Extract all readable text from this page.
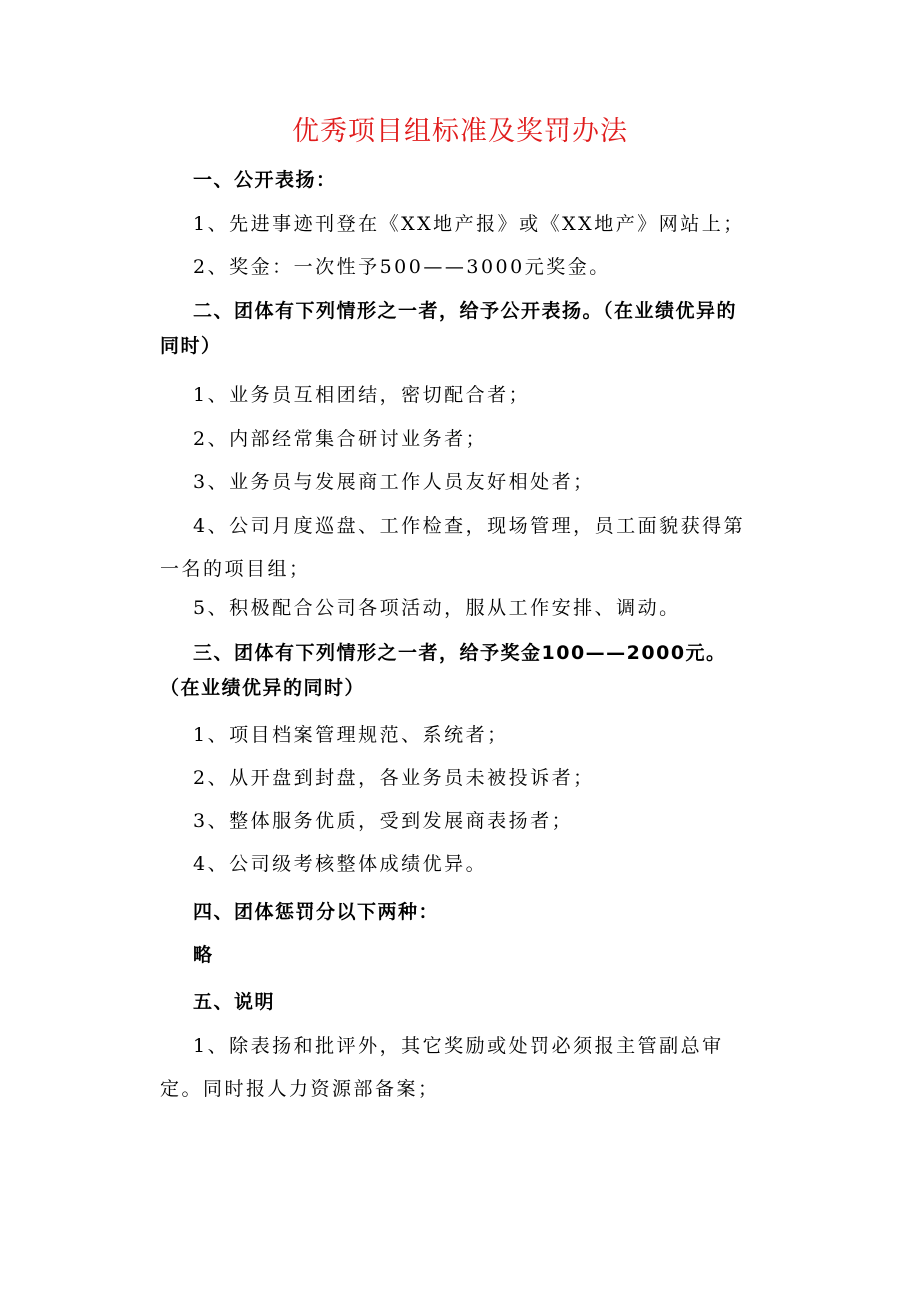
优秀项目组标准及奖罚办法
一、公开表扬：
1、先进事迹刊登在《XX地产报》或《XX地产》网站上；
2、奖金：一次性予500——3000元奖金。
二、团体有下列情形之一者，给予公开表扬。（在业绩优异的同时）
1、业务员互相团结，密切配合者；
2、内部经常集合研讨业务者；
3、业务员与发展商工作人员友好相处者；
4、公司月度巡盘、工作检查，现场管理，员工面貌获得第一名的项目组；
5、积极配合公司各项活动，服从工作安排、调动。
三、团体有下列情形之一者，给予奖金100——2000元。（在业绩优异的同时）
1、项目档案管理规范、系统者；
2、从开盘到封盘，各业务员未被投诉者；
3、整体服务优质，受到发展商表扬者；
4、公司级考核整体成绩优异。
四、团体惩罚分以下两种：
略
五、说明
1、除表扬和批评外，其它奖励或处罚必须报主管副总审定。同时报人力资源部备案；
